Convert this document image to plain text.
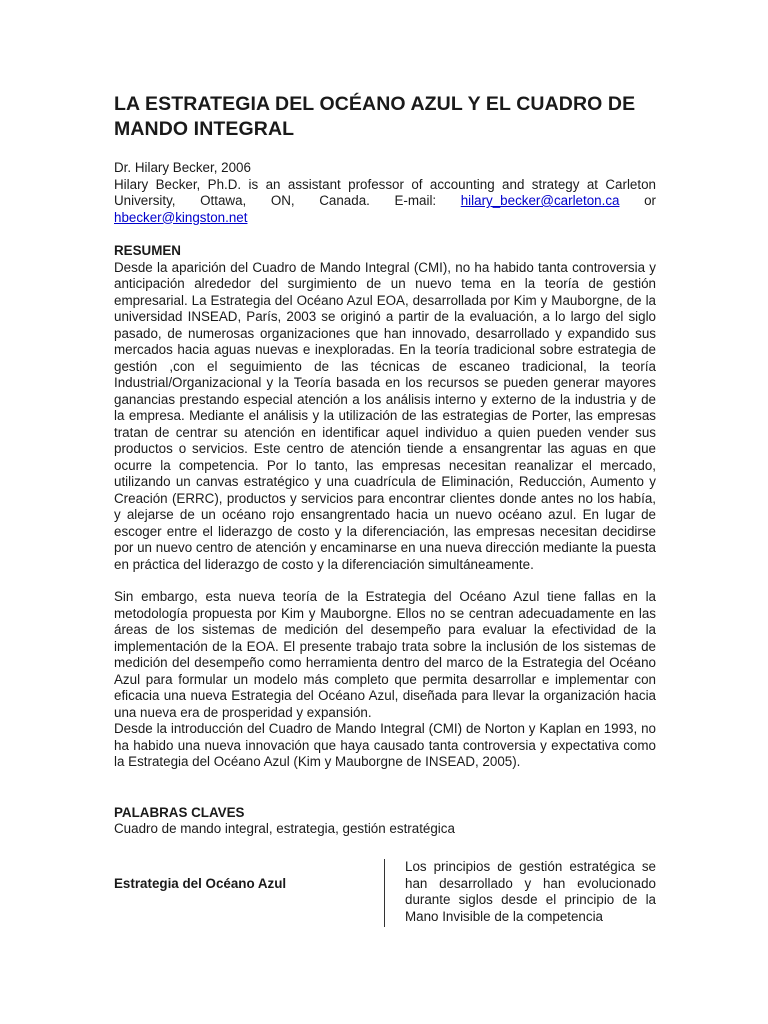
LA ESTRATEGIA DEL OCÉANO AZUL Y EL CUADRO DE MANDO INTEGRAL

Dr. Hilary Becker, 2006

Hilary Becker, Ph.D. is an assistant professor of accounting and strategy at Carleton University, Ottawa, ON, Canada. E-mail: hilary_becker@carleton.ca or hbecker@kingston.net

RESUMEN

Desde la aparición del Cuadro de Mando Integral (CMI), no ha habido tanta controversia y anticipación alrededor del surgimiento de un nuevo tema en la teoría de gestión empresarial. La Estrategia del Océano Azul EOA, desarrollada por Kim y Mauborgne, de la universidad INSEAD, París, 2003 se originó a partir de la evaluación, a lo largo del siglo pasado, de numerosas organizaciones que han innovado, desarrollado y expandido sus mercados hacia aguas nuevas e inexploradas. En la teoría tradicional sobre estrategia de gestión ,con el seguimiento de las técnicas de escaneo tradicional, la teoría Industrial/Organizacional y la Teoría basada en los recursos se pueden generar mayores ganancias prestando especial atención a los análisis interno y externo de la industria y de la empresa. Mediante el análisis y la utilización de las estrategias de Porter, las empresas tratan de centrar su atención en identificar aquel individuo a quien pueden vender sus productos o servicios. Este centro de atención tiende a ensangrentar las aguas en que ocurre la competencia. Por lo tanto, las empresas necesitan reanalizar el mercado, utilizando un canvas estratégico y una cuadrícula de Eliminación, Reducción, Aumento y Creación (ERRC), productos y servicios para encontrar clientes donde antes no los había, y alejarse de un océano rojo ensangrentado hacia un nuevo océano azul. En lugar de escoger entre el liderazgo de costo y la diferenciación, las empresas necesitan decidirse por un nuevo centro de atención y encaminarse en una nueva dirección mediante la puesta en práctica del liderazgo de costo y la diferenciación simultáneamente.

Sin embargo, esta nueva teoría de la Estrategia del Océano Azul tiene fallas en la metodología propuesta por Kim y Mauborgne. Ellos no se centran adecuadamente en las áreas de los sistemas de medición del desempeño para evaluar la efectividad de la implementación de la EOA. El presente trabajo trata sobre la inclusión de los sistemas de medición del desempeño como herramienta dentro del marco de la Estrategia del Océano Azul para formular un modelo más completo que permita desarrollar e implementar con eficacia una nueva Estrategia del Océano Azul, diseñada para llevar la organización hacia una nueva era de prosperidad y expansión.

Desde la introducción del Cuadro de Mando Integral (CMI) de Norton y Kaplan en 1993, no ha habido una nueva innovación que haya causado tanta controversia y expectativa como la Estrategia del Océano Azul (Kim y Mauborgne de INSEAD, 2005).

PALABRAS CLAVES

Cuadro de mando integral, estrategia, gestión estratégica

Estrategia del Océano Azul
Los principios de gestión estratégica se han desarrollado y han evolucionado durante siglos desde el principio de la Mano Invisible de la competencia
